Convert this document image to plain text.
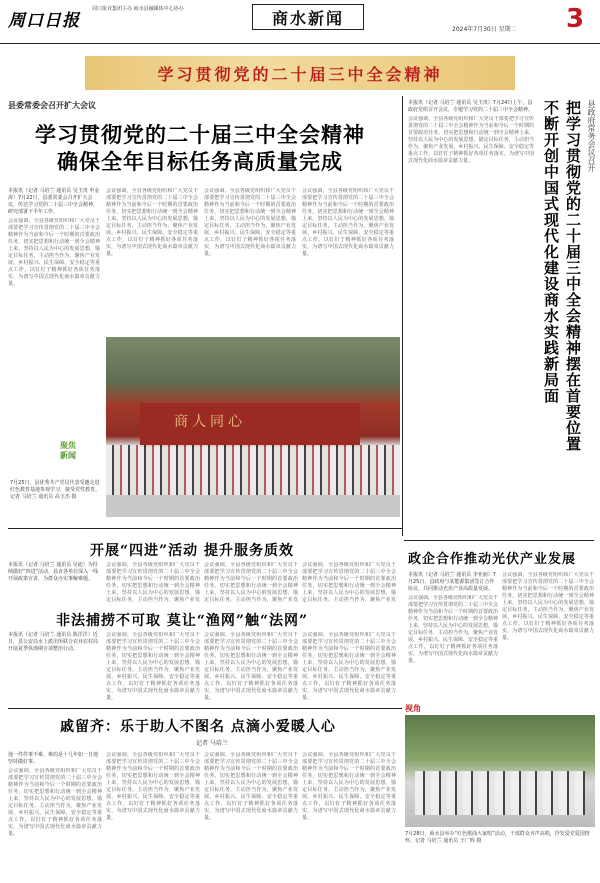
周口日报
周口报业集团主办 商水县融媒体中心协办	商水新闻
2024年7月30日 星期二 3
学习贯彻党的二十届三中全会精神
县委常委会召开扩大会议
学习贯彻党的二十届三中全会精神
确保全年目标任务高质量完成
本报讯（记者 马培兰 通讯员 吴玉贵 申金涛）7月22日，县委常委会召开扩大会议，传达学习党的二十届三中全会精神，研究部署下半年工作。
会议强调，全县各级党组织和广大党员干部要把学习宣传贯彻党的二十届三中全会精神作为当前和今后一个时期的首要政治任务，切实把思想和行动统一到全会精神上来，坚持以人民为中心的发展思想，锚定目标任务，主动担当作为，聚焦产业发展、乡村振兴、民生保障、安全稳定等重点工作，以钉钉子精神抓好各项任务落实，为谱写中国式现代化商水篇章贡献力量。
会议强调，全县各级党组织和广大党员干部要把学习宣传贯彻党的二十届三中全会精神作为当前和今后一个时期的首要政治任务，切实把思想和行动统一到全会精神上来，坚持以人民为中心的发展思想，锚定目标任务，主动担当作为，聚焦产业发展、乡村振兴、民生保障、安全稳定等重点工作，以钉钉子精神抓好各项任务落实，为谱写中国式现代化商水篇章贡献力量。
会议强调，全县各级党组织和广大党员干部要把学习宣传贯彻党的二十届三中全会精神作为当前和今后一个时期的首要政治任务，切实把思想和行动统一到全会精神上来，坚持以人民为中心的发展思想，锚定目标任务，主动担当作为，聚焦产业发展、乡村振兴、民生保障、安全稳定等重点工作，以钉钉子精神抓好各项任务落实，为谱写中国式现代化商水篇章贡献力量。
会议强调，全县各级党组织和广大党员干部要把学习宣传贯彻党的二十届三中全会精神作为当前和今后一个时期的首要政治任务，切实把思想和行动统一到全会精神上来，坚持以人民为中心的发展思想，锚定目标任务，主动担当作为，聚焦产业发展、乡村振兴、民生保障、安全稳定等重点工作，以钉钉子精神抓好各项任务落实，为谱写中国式现代化商水篇章贡献力量。
县政府常务会议召开
把学习贯彻党的二十届三中全会精神摆在首要位置 不断开创中国式现代化建设商水实践新局面
本报讯（记者 马培兰 通讯员 吴玉贵）7月24日上午，县政府党组召开会议，专题学习党的二十届三中全会精神。
会议强调，全县各级党组织和广大党员干部要把学习宣传贯彻党的二十届三中全会精神作为当前和今后一个时期的首要政治任务，切实把思想和行动统一到全会精神上来，坚持以人民为中心的发展思想，锚定目标任务，主动担当作为，聚焦产业发展、乡村振兴、民生保障、安全稳定等重点工作，以钉钉子精神抓好各项任务落实，为谱写中国式现代化商水篇章贡献力量。
商人同心
聚焦
新闻
7月25日，县优秀共产党员代表受邀走进红色教育基地参观学习，接受党性教育。记者 马培兰 通讯员 高玉杰 摄
开展“四进”活动 提升服务质效
本报讯（记者 马培兰 通讯员 吴迪）为持续做好“四进”活动，县直各单位深入一线开展政策宣讲，为群众办实事解难题。
会议强调，全县各级党组织和广大党员干部要把学习宣传贯彻党的二十届三中全会精神作为当前和今后一个时期的首要政治任务，切实把思想和行动统一到全会精神上来，坚持以人民为中心的发展思想，锚定目标任务，主动担当作为，聚焦产业发
会议强调，全县各级党组织和广大党员干部要把学习宣传贯彻党的二十届三中全会精神作为当前和今后一个时期的首要政治任务，切实把思想和行动统一到全会精神上来，坚持以人民为中心的发展思想，锚定目标任务，主动担当作为，聚焦产业发
会议强调，全县各级党组织和广大党员干部要把学习宣传贯彻党的二十届三中全会精神作为当前和今后一个时期的首要政治任务，切实把思想和行动统一到全会精神上来，坚持以人民为中心的发展思想，锚定目标任务，主动担当作为，聚焦产业发
非法捕捞不可取 莫让“渔网”触“法网”
本报讯（记者 马培兰 通讯员 陈洋洋）近日，县公安局水上派出所联合农业农村局开展夏季休渔期专项整治行动。
会议强调，全县各级党组织和广大党员干部要把学习宣传贯彻党的二十届三中全会精神作为当前和今后一个时期的首要政治任务，切实把思想和行动统一到全会精神上来，坚持以人民为中心的发展思想，锚定目标任务，主动担当作为，聚焦产业发展、乡村振兴、民生保障、安全稳定等重点工作，以钉钉子精神抓好各项任务落实，为谱写中国式现代化商水篇章贡献力量。
会议强调，全县各级党组织和广大党员干部要把学习宣传贯彻党的二十届三中全会精神作为当前和今后一个时期的首要政治任务，切实把思想和行动统一到全会精神上来，坚持以人民为中心的发展思想，锚定目标任务，主动担当作为，聚焦产业发展、乡村振兴、民生保障、安全稳定等重点工作，以钉钉子精神抓好各项任务落实，为谱写中国式现代化商水篇章贡献力量。
会议强调，全县各级党组织和广大党员干部要把学习宣传贯彻党的二十届三中全会精神作为当前和今后一个时期的首要政治任务，切实把思想和行动统一到全会精神上来，坚持以人民为中心的发展思想，锚定目标任务，主动担当作为，聚焦产业发展、乡村振兴、民生保障、安全稳定等重点工作，以钉钉子精神抓好各项任务落实，为谱写中国式现代化商水篇章贡献力量。
政企合作推动光伏产业发展
本报讯（记者 马培兰 通讯员 李亚丽）7月25日，县政府与某能源集团签订合作协议，共同推动光伏产业高质量发展。
会议强调，全县各级党组织和广大党员干部要把学习宣传贯彻党的二十届三中全会精神作为当前和今后一个时期的首要政治任务，切实把思想和行动统一到全会精神上来，坚持以人民为中心的发展思想，锚定目标任务，主动担当作为，聚焦产业发展、乡村振兴、民生保障、安全稳定等重点工作，以钉钉子精神抓好各项任务落实，为谱写中国式现代化商水篇章贡献力量。
会议强调，全县各级党组织和广大党员干部要把学习宣传贯彻党的二十届三中全会精神作为当前和今后一个时期的首要政治任务，切实把思想和行动统一到全会精神上来，坚持以人民为中心的发展思想，锚定目标任务，主动担当作为，聚焦产业发展、乡村振兴、民生保障、安全稳定等重点工作，以钉钉子精神抓好各项任务落实，为谱写中国式现代化商水篇章贡献力量。
戚留齐：乐于助人不图名 点滴小爱暖人心
记者 马培兰
他一件件事不难，难的是十几年如一日地坚持做好事。
会议强调，全县各级党组织和广大党员干部要把学习宣传贯彻党的二十届三中全会精神作为当前和今后一个时期的首要政治任务，切实把思想和行动统一到全会精神上来，坚持以人民为中心的发展思想，锚定目标任务，主动担当作为，聚焦产业发展、乡村振兴、民生保障、安全稳定等重点工作，以钉钉子精神抓好各项任务落实，为谱写中国式现代化商水篇章贡献力量。
会议强调，全县各级党组织和广大党员干部要把学习宣传贯彻党的二十届三中全会精神作为当前和今后一个时期的首要政治任务，切实把思想和行动统一到全会精神上来，坚持以人民为中心的发展思想，锚定目标任务，主动担当作为，聚焦产业发展、乡村振兴、民生保障、安全稳定等重点工作，以钉钉子精神抓好各项任务落实，为谱写中国式现代化商水篇章贡献力量。
会议强调，全县各级党组织和广大党员干部要把学习宣传贯彻党的二十届三中全会精神作为当前和今后一个时期的首要政治任务，切实把思想和行动统一到全会精神上来，坚持以人民为中心的发展思想，锚定目标任务，主动担当作为，聚焦产业发展、乡村振兴、民生保障、安全稳定等重点工作，以钉钉子精神抓好各项任务落实，为谱写中国式现代化商水篇章贡献力量。
会议强调，全县各级党组织和广大党员干部要把学习宣传贯彻党的二十届三中全会精神作为当前和今后一个时期的首要政治任务，切实把思想和行动统一到全会精神上来，坚持以人民为中心的发展思想，锚定目标任务，主动担当作为，聚焦产业发展、乡村振兴、民生保障、安全稳定等重点工作，以钉钉子精神抓好各项任务落实，为谱写中国式现代化商水篇章贡献力量。
视角
7月28日，商水县举办“红色歌曲大家唱”活动，干部群众齐声高唱，抒发爱党爱国情怀。记者 马培兰 通讯员 王广辉 摄
